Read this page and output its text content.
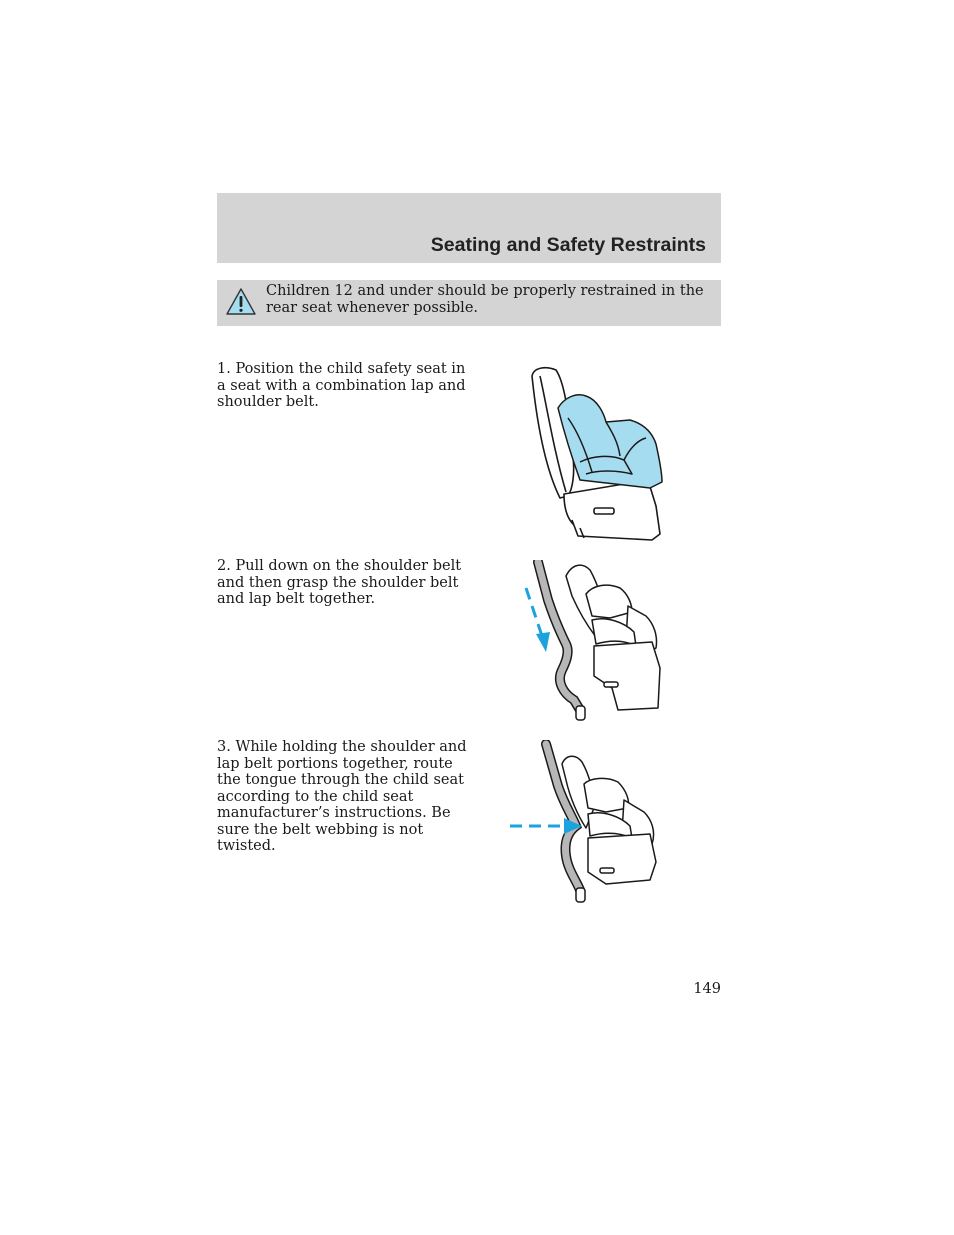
Seating and Safety Restraints
Children 12 and under should be properly restrained in the rear seat whenever possible.
1. Position the child safety seat in a seat with a combination lap and shoulder belt.
2. Pull down on the shoulder belt and then grasp the shoulder belt and lap belt together.
3. While holding the shoulder and lap belt portions together, route the tongue through the child seat according to the child seat manufacturer’s instructions. Be sure the belt webbing is not twisted.
149
